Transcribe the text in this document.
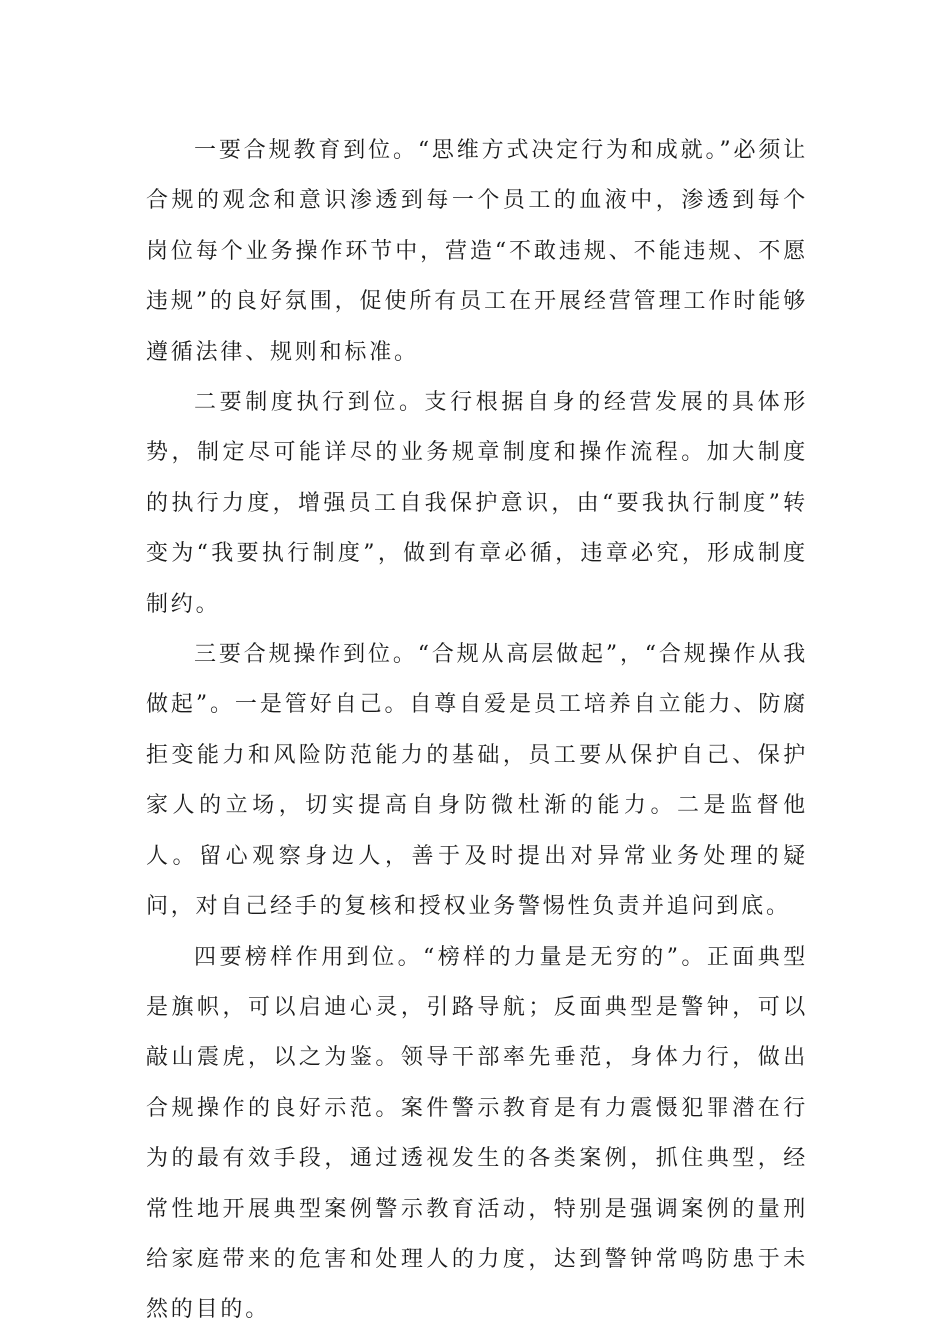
一要合规教育到位。“思维方式决定行为和成就。”必须让合规的观念和意识渗透到每一个员工的血液中，渗透到每个岗位每个业务操作环节中，营造“不敢违规、不能违规、不愿违规”的良好氛围，促使所有员工在开展经营管理工作时能够遵循法律、规则和标准。

二要制度执行到位。支行根据自身的经营发展的具体形势，制定尽可能详尽的业务规章制度和操作流程。加大制度的执行力度，增强员工自我保护意识，由“要我执行制度”转变为“我要执行制度”，做到有章必循，违章必究，形成制度制约。

三要合规操作到位。“合规从高层做起”，“合规操作从我做起”。一是管好自己。自尊自爱是员工培养自立能力、防腐拒变能力和风险防范能力的基础，员工要从保护自己、保护家人的立场，切实提高自身防微杜渐的能力。二是监督他人。留心观察身边人，善于及时提出对异常业务处理的疑问，对自己经手的复核和授权业务警惕性负责并追问到底。

四要榜样作用到位。“榜样的力量是无穷的”。正面典型是旗帜，可以启迪心灵，引路导航；反面典型是警钟，可以敲山震虎，以之为鉴。领导干部率先垂范，身体力行，做出合规操作的良好示范。案件警示教育是有力震慑犯罪潜在行为的最有效手段，通过透视发生的各类案例，抓住典型，经常性地开展典型案例警示教育活动，特别是强调案例的量刑给家庭带来的危害和处理人的力度，达到警钟常鸣防患于未然的目的。
